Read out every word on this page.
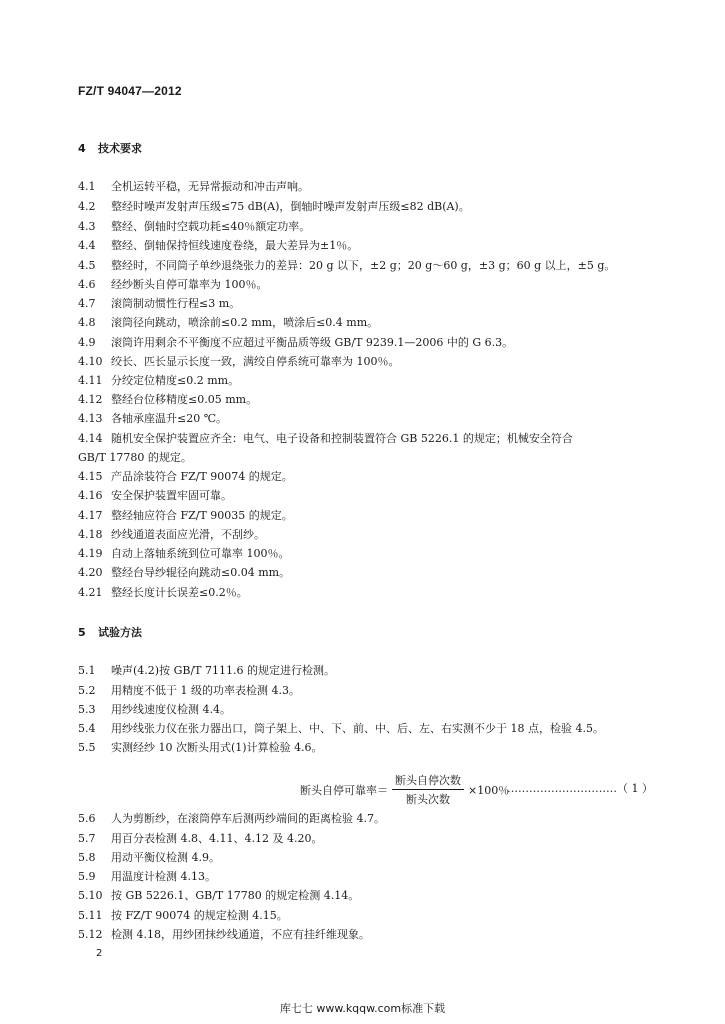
FZ/T 94047—2012
4 技术要求
4.1 全机运转平稳，无异常振动和冲击声响。
4.2 整经时噪声发射声压级≤75 dB(A)，倒轴时噪声发射声压级≤82 dB(A)。
4.3 整经、倒轴时空载功耗≤40％额定功率。
4.4 整经、倒轴保持恒线速度卷绕，最大差异为±1％。
4.5 整经时，不同筒子单纱退绕张力的差异：20 g 以下，±2 g；20 g～60 g，±3 g；60 g 以上，±5 g。
4.6 经纱断头自停可靠率为 100％。
4.7 滚筒制动惯性行程≤3 m。
4.8 滚筒径向跳动，喷涂前≤0.2 mm，喷涂后≤0.4 mm。
4.9 滚筒许用剩余不平衡度不应超过平衡品质等级 GB/T 9239.1—2006 中的 G 6.3。
4.10 绞长、匹长显示长度一致，满绞自停系统可靠率为 100％。
4.11 分绞定位精度≤0.2 mm。
4.12 整经台位移精度≤0.05 mm。
4.13 各轴承座温升≤20 ℃。
4.14 随机安全保护装置应齐全：电气、电子设备和控制装置符合 GB 5226.1 的规定；机械安全符合
GB/T 17780 的规定。
4.15 产品涂装符合 FZ/T 90074 的规定。
4.16 安全保护装置牢固可靠。
4.17 整经轴应符合 FZ/T 90035 的规定。
4.18 纱线通道表面应光滑，不刮纱。
4.19 自动上落轴系统到位可靠率 100％。
4.20 整经台导纱辊径向跳动≤0.04 mm。
4.21 整经长度计长误差≤0.2％。
5 试验方法
5.1 噪声(4.2)按 GB/T 7111.6 的规定进行检测。
5.2 用精度不低于 1 级的功率表检测 4.3。
5.3 用纱线速度仪检测 4.4。
5.4 用纱线张力仪在张力器出口，筒子架上、中、下、前、中、后、左、右实测不少于 18 点，检验 4.5。
5.5 实测经纱 10 次断头用式(1)计算检验 4.6。
断头自停可靠率＝ $\frac{\text{断头自停次数}}{\text{断头次数}} \times 100$％
…………………………（ 1 ）
5.6 人为剪断纱，在滚筒停车后测两纱端间的距离检验 4.7。
5.7 用百分表检测 4.8、4.11、4.12 及 4.20。
5.8 用动平衡仪检测 4.9。
5.9 用温度计检测 4.13。
5.10 按 GB 5226.1、GB/T 17780 的规定检测 4.14。
5.11 按 FZ/T 90074 的规定检测 4.15。
5.12 检测 4.18，用纱团抹纱线通道，不应有挂纤维现象。
2
库七七 www.kqqw.com标准下载
